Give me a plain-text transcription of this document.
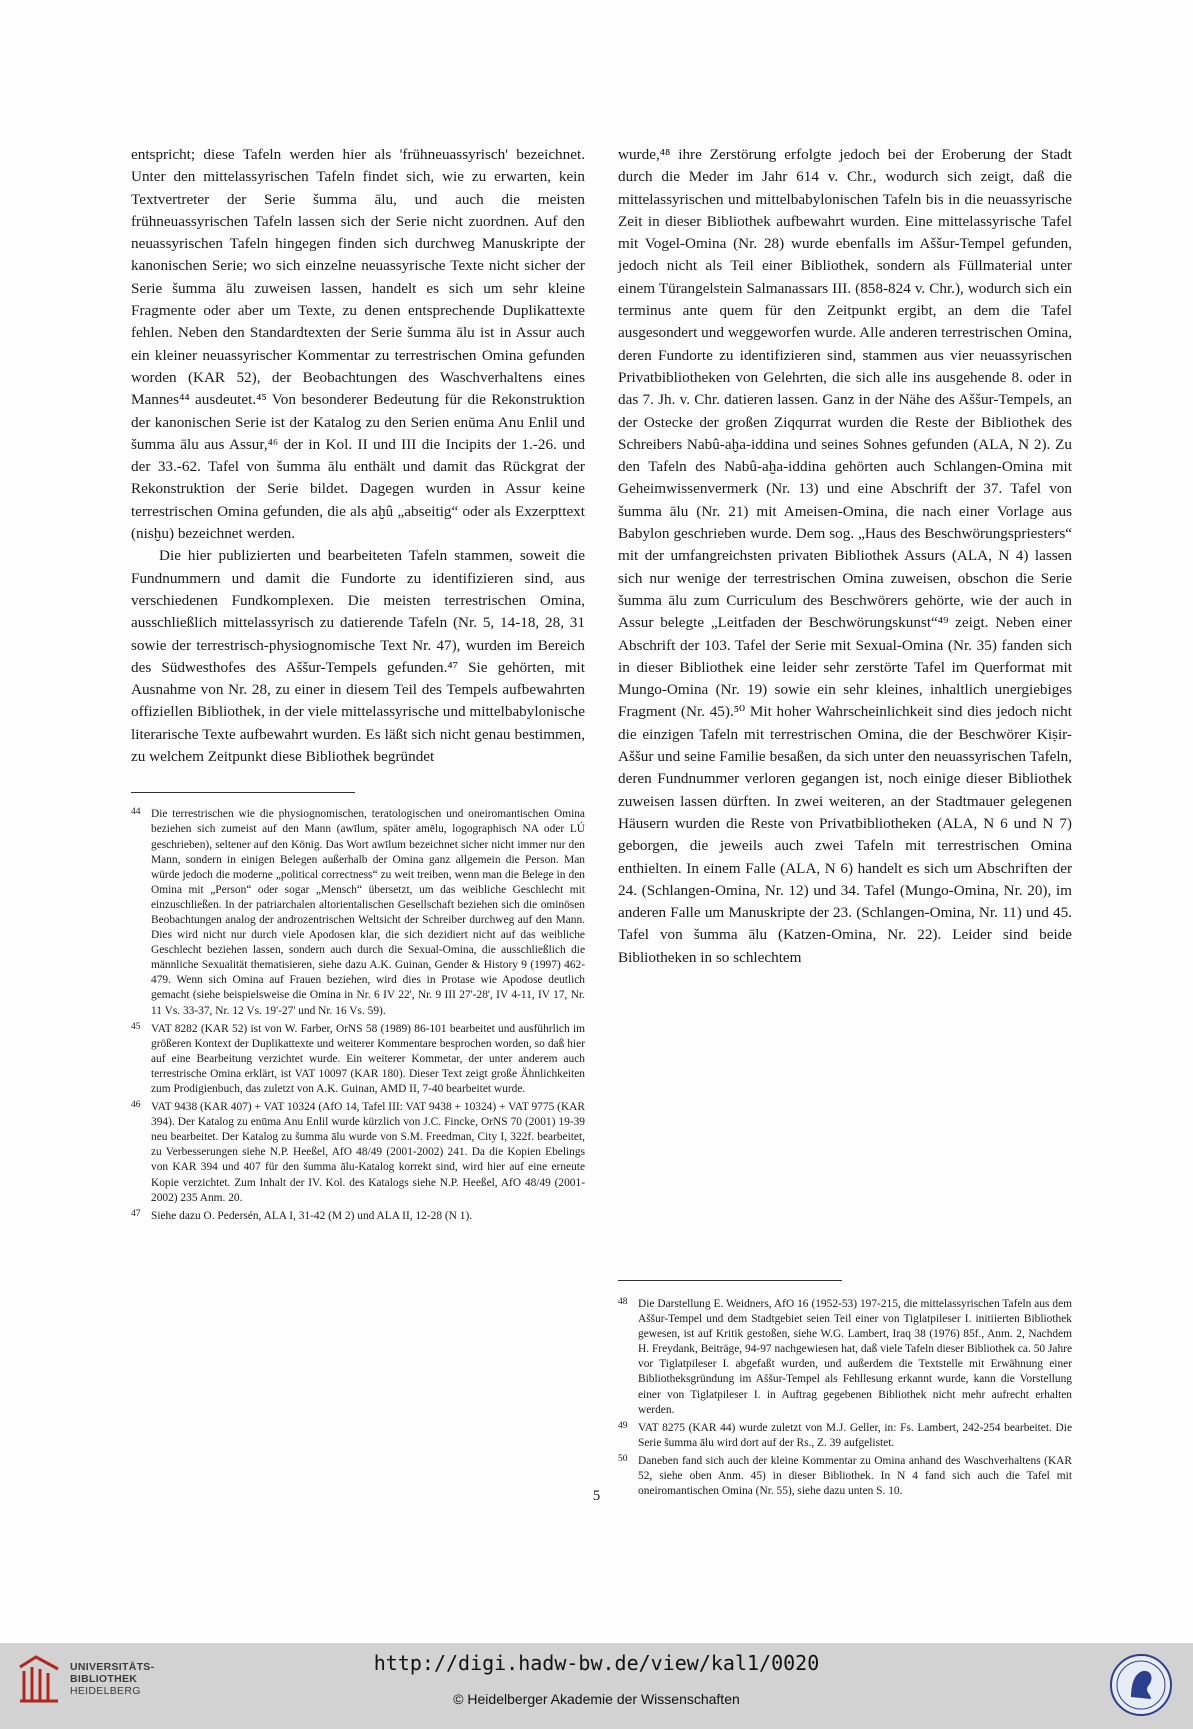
entspricht; diese Tafeln werden hier als 'frühneuassyrisch' bezeichnet. Unter den mittelassyrischen Tafeln findet sich, wie zu erwarten, kein Textvertreter der Serie šumma ālu, und auch die meisten frühneuassyrischen Tafeln lassen sich der Serie nicht zuordnen. Auf den neuassyrischen Tafeln hingegen finden sich durchweg Manuskripte der kanonischen Serie; wo sich einzelne neuassyrische Texte nicht sicher der Serie šumma ālu zuweisen lassen, handelt es sich um sehr kleine Fragmente oder aber um Texte, zu denen entsprechende Duplikattexte fehlen. Neben den Standardtexten der Serie šumma ālu ist in Assur auch ein kleiner neuassyrischer Kommentar zu terrestrischen Omina gefunden worden (KAR 52), der Beobachtungen des Waschverhaltens eines Mannes⁴⁴ ausdeutet.⁴⁵ Von besonderer Bedeutung für die Rekonstruktion der kanonischen Serie ist der Katalog zu den Serien enūma Anu Enlil und šumma ālu aus Assur,⁴⁶ der in Kol. II und III die Incipits der 1.-26. und der 33.-62. Tafel von šumma ālu enthält und damit das Rückgrat der Rekonstruktion der Serie bildet. Dagegen wurden in Assur keine terrestrischen Omina gefunden, die als aḫû „abseitig“ oder als Exzerpttext (nisḫu) bezeichnet werden.

Die hier publizierten und bearbeiteten Tafeln stammen, soweit die Fundnummern und damit die Fundorte zu identifizieren sind, aus verschiedenen Fundkomplexen. Die meisten terrestrischen Omina, ausschließlich mittelassyrisch zu datierende Tafeln (Nr. 5, 14-18, 28, 31 sowie der terrestrisch-physiognomische Text Nr. 47), wurden im Bereich des Südwesthofes des Aššur-Tempels gefunden.⁴⁷ Sie gehörten, mit Ausnahme von Nr. 28, zu einer in diesem Teil des Tempels aufbewahrten offiziellen Bibliothek, in der viele mittelassyrische und mittelbabylonische literarische Texte aufbewahrt wurden. Es läßt sich nicht genau bestimmen, zu welchem Zeitpunkt diese Bibliothek begründet

44 Die terrestrischen wie die physiognomischen, teratologischen und oneiromantischen Omina beziehen sich zumeist auf den Mann (awīlum, später amēlu, logographisch NA oder LÚ geschrieben), seltener auf den König. Das Wort awīlum bezeichnet sicher nicht immer nur den Mann, sondern in einigen Belegen außerhalb der Omina ganz allgemein die Person. Man würde jedoch die moderne „political correctness“ zu weit treiben, wenn man die Belege in den Omina mit „Person“ oder sogar „Mensch“ übersetzt, um das weibliche Geschlecht mit einzuschließen. In der patriarchalen altorientalischen Gesellschaft beziehen sich die ominösen Beobachtungen analog der androzentrischen Weltsicht der Schreiber durchweg auf den Mann. Dies wird nicht nur durch viele Apodosen klar, die sich dezidiert nicht auf das weibliche Geschlecht beziehen lassen, sondern auch durch die Sexual-Omina, die ausschließlich die männliche Sexualität thematisieren, siehe dazu A.K. Guinan, Gender & History 9 (1997) 462-479. Wenn sich Omina auf Frauen beziehen, wird dies in Protase wie Apodose deutlich gemacht (siehe beispielsweise die Omina in Nr. 6 IV 22', Nr. 9 III 27'-28', IV 4-11, IV 17, Nr. 11 Vs. 33-37, Nr. 12 Vs. 19'-27' und Nr. 16 Vs. 59).
45 VAT 8282 (KAR 52) ist von W. Farber, OrNS 58 (1989) 86-101 bearbeitet und ausführlich im größeren Kontext der Duplikattexte und weiterer Kommentare besprochen worden, so daß hier auf eine Bearbeitung verzichtet wurde. Ein weiterer Kommetar, der unter anderem auch terrestrische Omina erklärt, ist VAT 10097 (KAR 180). Dieser Text zeigt große Ähnlichkeiten zum Prodigienbuch, das zuletzt von A.K. Guinan, AMD II, 7-40 bearbeitet wurde.
46 VAT 9438 (KAR 407) + VAT 10324 (AfO 14, Tafel III: VAT 9438 + 10324) + VAT 9775 (KAR 394). Der Katalog zu enūma Anu Enlil wurde kürzlich von J.C. Fincke, OrNS 70 (2001) 19-39 neu bearbeitet. Der Katalog zu šumma ālu wurde von S.M. Freedman, City I, 322f. bearbeitet, zu Verbesserungen siehe N.P. Heeßel, AfO 48/49 (2001-2002) 241. Da die Kopien Ebelings von KAR 394 und 407 für den šumma ālu-Katalog korrekt sind, wird hier auf eine erneute Kopie verzichtet. Zum Inhalt der IV. Kol. des Katalogs siehe N.P. Heeßel, AfO 48/49 (2001-2002) 235 Anm. 20.
47 Siehe dazu O. Pedersén, ALA I, 31-42 (M 2) und ALA II, 12-28 (N 1).

wurde,⁴⁸ ihre Zerstörung erfolgte jedoch bei der Eroberung der Stadt durch die Meder im Jahr 614 v. Chr., wodurch sich zeigt, daß die mittelassyrischen und mittelbabylonischen Tafeln bis in die neuassyrische Zeit in dieser Bibliothek aufbewahrt wurden. Eine mittelassyrische Tafel mit Vogel-Omina (Nr. 28) wurde ebenfalls im Aššur-Tempel gefunden, jedoch nicht als Teil einer Bibliothek, sondern als Füllmaterial unter einem Türangelstein Salmanassars III. (858-824 v. Chr.), wodurch sich ein terminus ante quem für den Zeitpunkt ergibt, an dem die Tafel ausgesondert und weggeworfen wurde. Alle anderen terrestrischen Omina, deren Fundorte zu identifizieren sind, stammen aus vier neuassyrischen Privatbibliotheken von Gelehrten, die sich alle ins ausgehende 8. oder in das 7. Jh. v. Chr. datieren lassen. Ganz in der Nähe des Aššur-Tempels, an der Ostecke der großen Ziqqurrat wurden die Reste der Bibliothek des Schreibers Nabû-aḫa-iddina und seines Sohnes gefunden (ALA, N 2). Zu den Tafeln des Nabû-aḫa-iddina gehörten auch Schlangen-Omina mit Geheimwissenvermerk (Nr. 13) und eine Abschrift der 37. Tafel von šumma ālu (Nr. 21) mit Ameisen-Omina, die nach einer Vorlage aus Babylon geschrieben wurde. Dem sog. „Haus des Beschwörungspriesters“ mit der umfangreichsten privaten Bibliothek Assurs (ALA, N 4) lassen sich nur wenige der terrestrischen Omina zuweisen, obschon die Serie šumma ālu zum Curriculum des Beschwörers gehörte, wie der auch in Assur belegte „Leitfaden der Beschwörungskunst“⁴⁹ zeigt. Neben einer Abschrift der 103. Tafel der Serie mit Sexual-Omina (Nr. 35) fanden sich in dieser Bibliothek eine leider sehr zerstörte Tafel im Querformat mit Mungo-Omina (Nr. 19) sowie ein sehr kleines, inhaltlich unergiebiges Fragment (Nr. 45).⁵⁰ Mit hoher Wahrscheinlichkeit sind dies jedoch nicht die einzigen Tafeln mit terrestrischen Omina, die der Beschwörer Kiṣir-Aššur und seine Familie besaßen, da sich unter den neuassyrischen Tafeln, deren Fundnummer verloren gegangen ist, noch einige dieser Bibliothek zuweisen lassen dürften. In zwei weiteren, an der Stadtmauer gelegenen Häusern wurden die Reste von Privatbibliotheken (ALA, N 6 und N 7) geborgen, die jeweils auch zwei Tafeln mit terrestrischen Omina enthielten. In einem Falle (ALA, N 6) handelt es sich um Abschriften der 24. (Schlangen-Omina, Nr. 12) und 34. Tafel (Mungo-Omina, Nr. 20), im anderen Falle um Manuskripte der 23. (Schlangen-Omina, Nr. 11) und 45. Tafel von šumma ālu (Katzen-Omina, Nr. 22). Leider sind beide Bibliotheken in so schlechtem

48 Die Darstellung E. Weidners, AfO 16 (1952-53) 197-215, die mittelassyrischen Tafeln aus dem Aššur-Tempel und dem Stadtgebiet seien Teil einer von Tiglatpileser I. initiierten Bibliothek gewesen, ist auf Kritik gestoßen, siehe W.G. Lambert, Iraq 38 (1976) 85f., Anm. 2, Nachdem H. Freydank, Beiträge, 94-97 nachgewiesen hat, daß viele Tafeln dieser Bibliothek ca. 50 Jahre vor Tiglatpileser I. abgefaßt wurden, und außerdem die Textstelle mit Erwähnung einer Bibliotheksgründung im Aššur-Tempel als Fehllesung erkannt wurde, kann die Vorstellung einer von Tiglatpileser I. in Auftrag gegebenen Bibliothek nicht mehr aufrecht erhalten werden.
49 VAT 8275 (KAR 44) wurde zuletzt von M.J. Geller, in: Fs. Lambert, 242-254 bearbeitet. Die Serie šumma ālu wird dort auf der Rs., Z. 39 aufgelistet.
50 Daneben fand sich auch der kleine Kommentar zu Omina anhand des Waschverhaltens (KAR 52, siehe oben Anm. 45) in dieser Bibliothek. In N 4 fand sich auch die Tafel mit oneiromantischen Omina (Nr. 55), siehe dazu unten S. 10.
5
UNIVERSITÄTS-
BIBLIOTHEK
HEIDELBERG
http://digi.hadw-bw.de/view/kal1/0020
© Heidelberger Akademie der Wissenschaften
